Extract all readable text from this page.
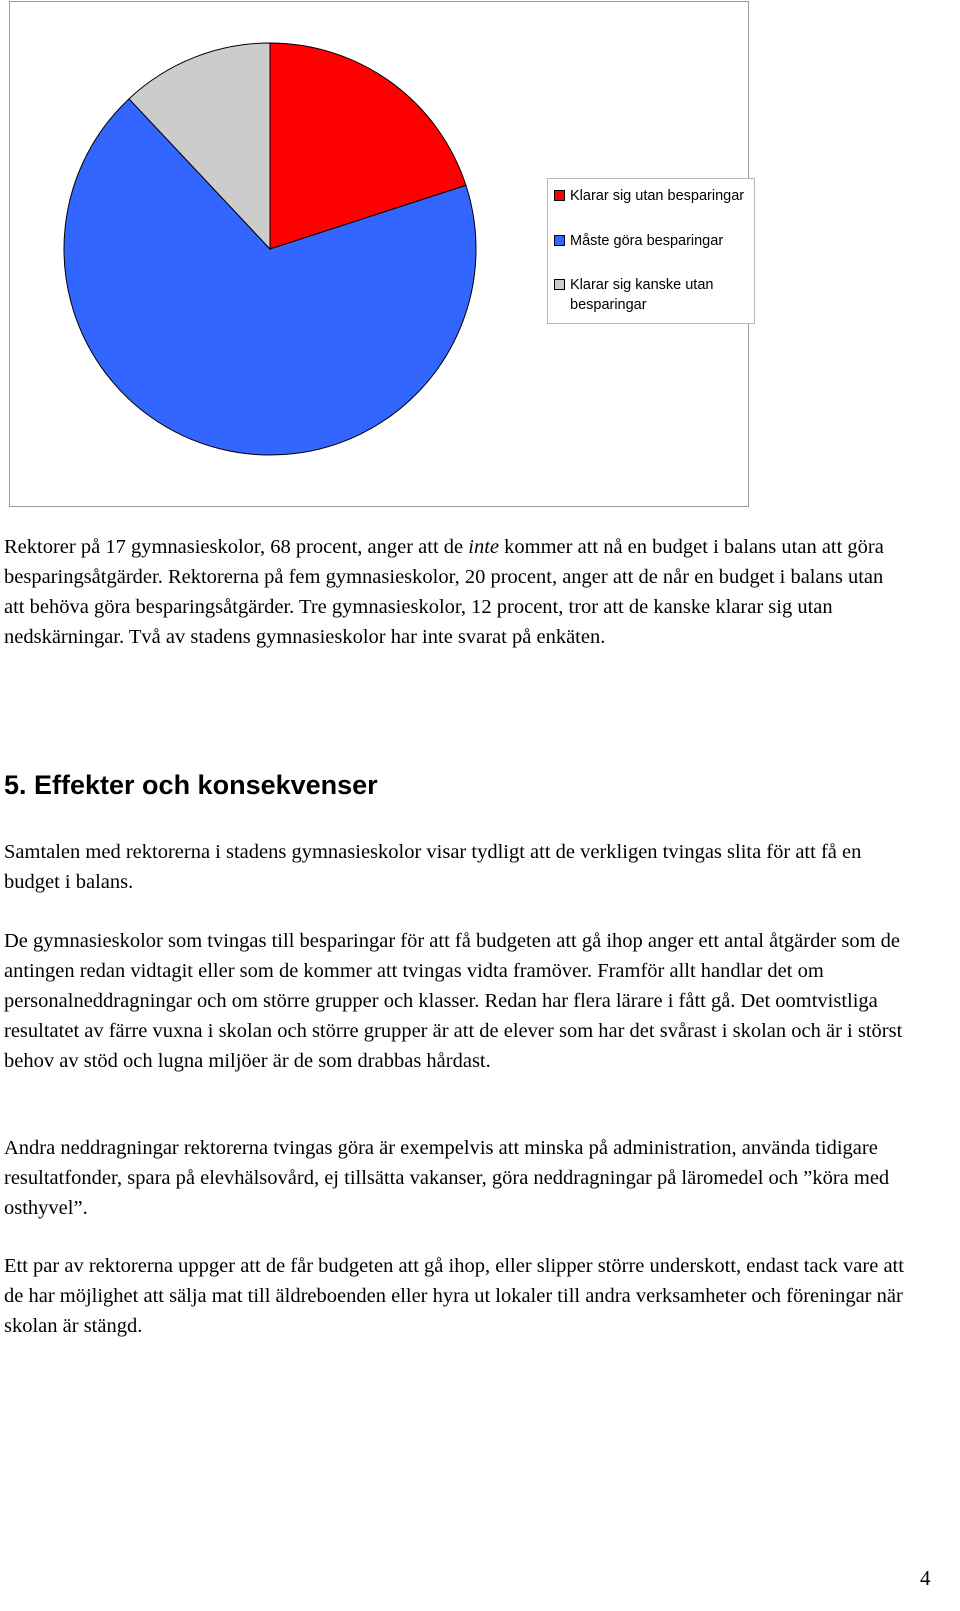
Klarar sig utan besparingar
Måste göra besparingar
Klarar sig kanske utan besparingar

Rektorer på 17 gymnasieskolor, 68 procent, anger att de inte kommer att nå en budget i balans utan att göra besparingsåtgärder. Rektorerna på fem gymnasieskolor, 20 procent, anger att de når en budget i balans utan att behöva göra besparingsåtgärder. Tre gymnasieskolor, 12 procent, tror att de kanske klarar sig utan nedskärningar. Två av stadens gymnasieskolor har inte svarat på enkäten.

5. Effekter och konsekvenser

Samtalen med rektorerna i stadens gymnasieskolor visar tydligt att de verkligen tvingas slita för att få en budget i balans.

De gymnasieskolor som tvingas till besparingar för att få budgeten att gå ihop anger ett antal åtgärder som de antingen redan vidtagit eller som de kommer att tvingas vidta framöver. Framför allt handlar det om personalneddragningar och om större grupper och klasser. Redan har flera lärare i fått gå. Det oomtvistliga resultatet av färre vuxna i skolan och större grupper är att de elever som har det svårast i skolan och är i störst behov av stöd och lugna miljöer är de som drabbas hårdast.

Andra neddragningar rektorerna tvingas göra är exempelvis att minska på administration, använda tidigare resultatfonder, spara på elevhälsovård, ej tillsätta vakanser, göra neddragningar på läromedel och ”köra med osthyvel”.

Ett par av rektorerna uppger att de får budgeten att gå ihop, eller slipper större underskott, endast tack vare att de har möjlighet att sälja mat till äldreboenden eller hyra ut lokaler till andra verksamheter och föreningar när skolan är stängd.

4
